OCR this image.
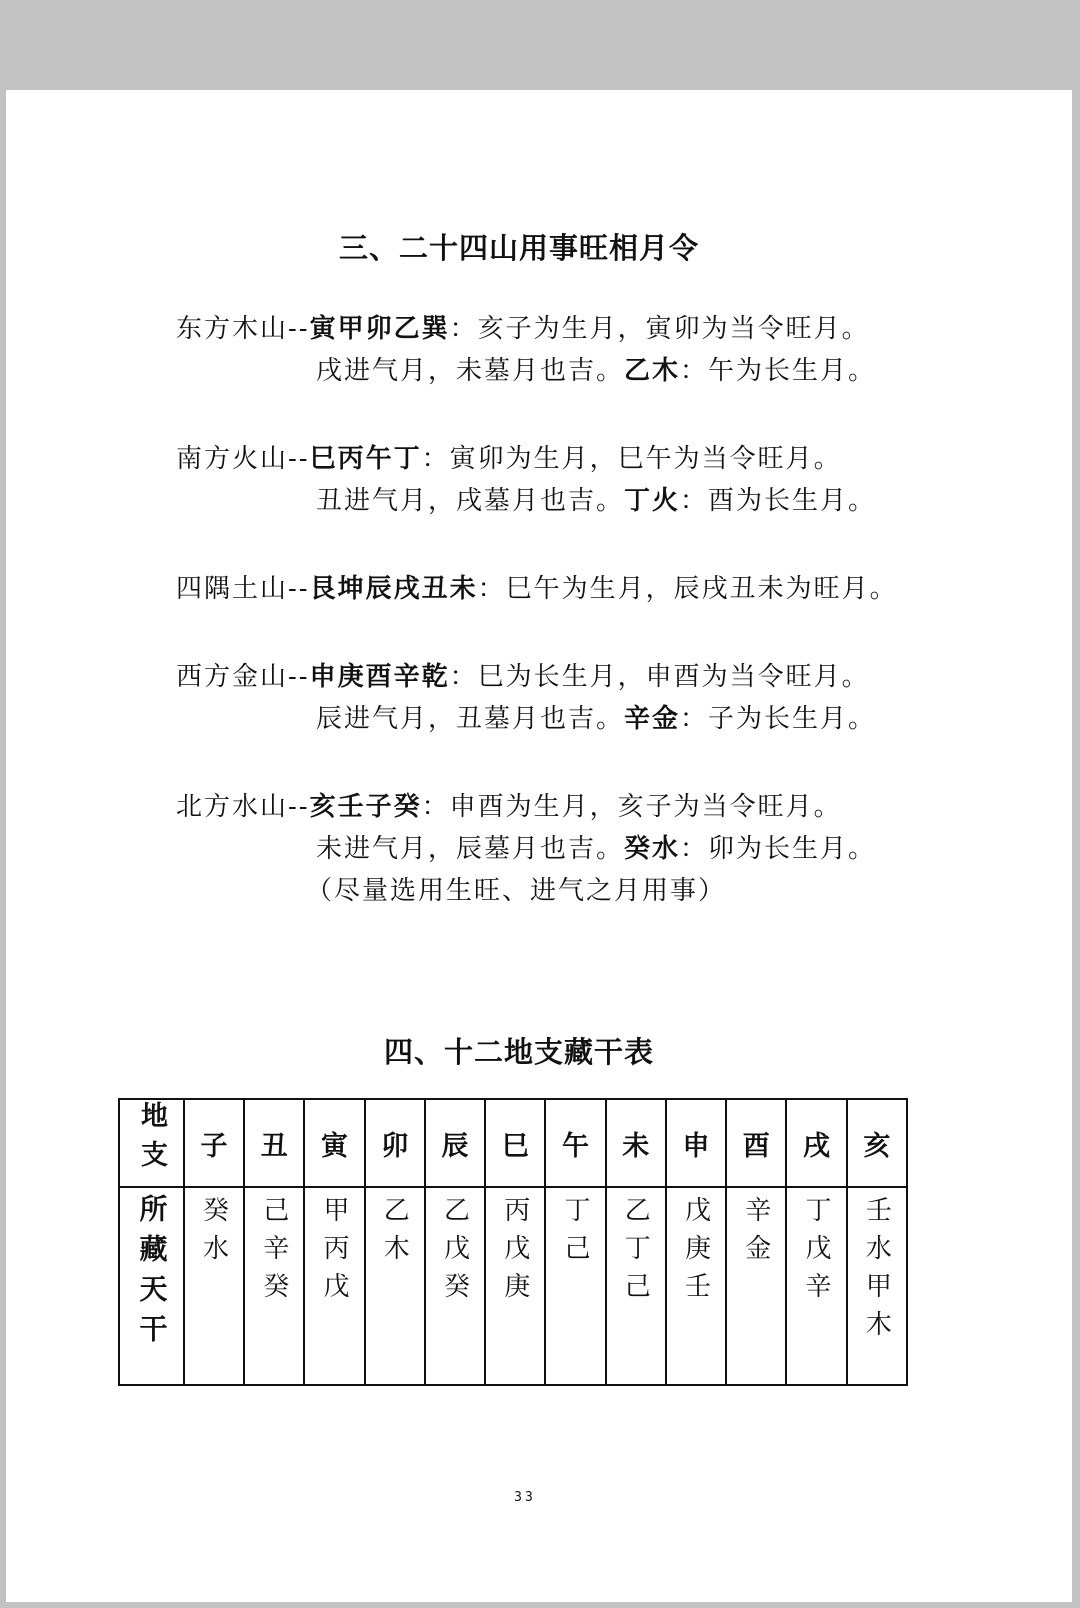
三、二十四山用事旺相月令
东方木山--寅甲卯乙巽：亥子为生月，寅卯为当令旺月。
戌进气月，未墓月也吉。乙木：午为长生月。
南方火山--巳丙午丁：寅卯为生月，巳午为当令旺月。
丑进气月，戌墓月也吉。丁火：酉为长生月。
四隅土山--艮坤辰戌丑未：巳午为生月，辰戌丑未为旺月。
西方金山--申庚酉辛乾：巳为长生月，申酉为当令旺月。
辰进气月，丑墓月也吉。辛金：子为长生月。
北方水山--亥壬子癸：申酉为生月，亥子为当令旺月。
未进气月，辰墓月也吉。癸水：卯为长生月。
（尽量选用生旺、进气之月用事）
四、十二地支藏干表
地支	子	丑	寅	卯	辰	巳	午	未	申	酉	戌	亥
所藏天干	癸水	己辛癸	甲丙戊	乙木	乙戊癸	丙戊庚	丁己	乙丁己	戊庚壬	辛金	丁戊辛	壬水甲木
33
